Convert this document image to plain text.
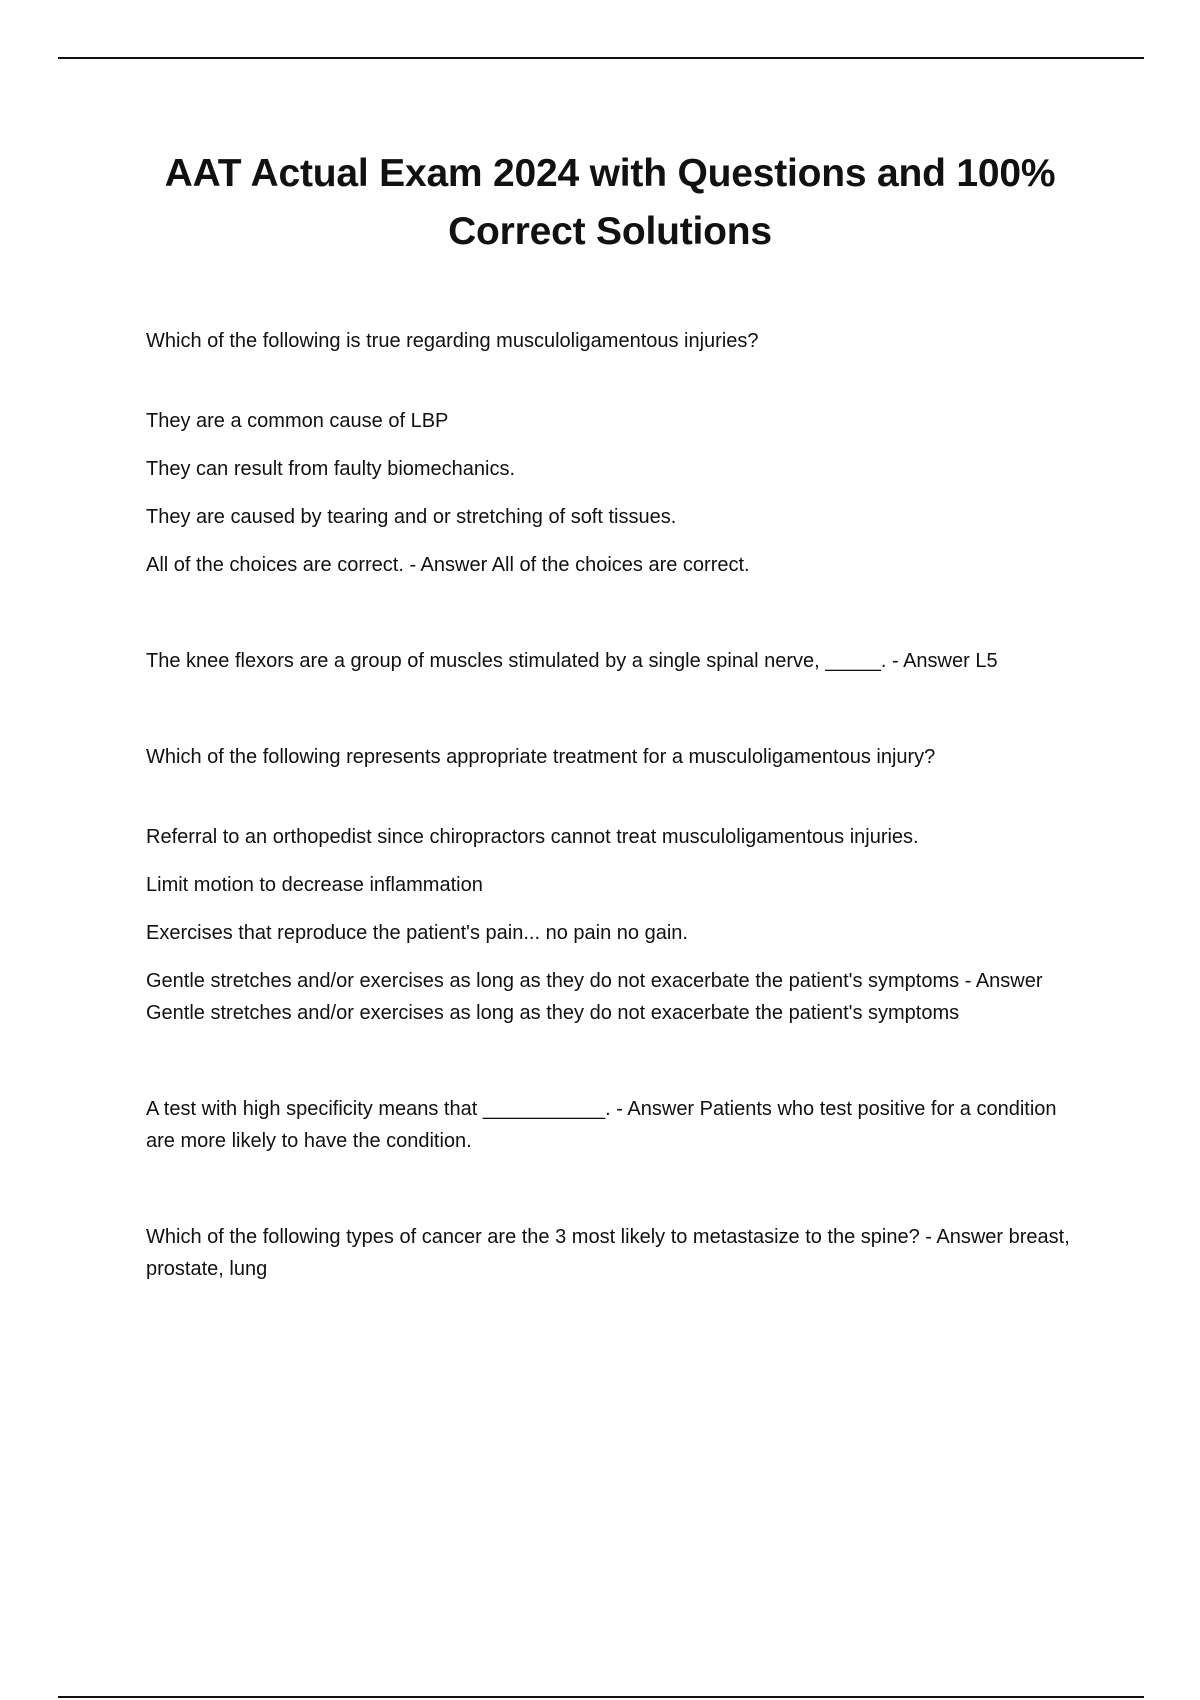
AAT Actual Exam 2024 with Questions and 100% Correct Solutions

Which of the following is true regarding musculoligamentous injuries?

They are a common cause of LBP

They can result from faulty biomechanics.

They are caused by tearing and or stretching of soft tissues.

All of the choices are correct. - Answer All of the choices are correct.

The knee flexors are a group of muscles stimulated by a single spinal nerve, _____. - Answer L5

Which of the following represents appropriate treatment for a musculoligamentous injury?

Referral to an orthopedist since chiropractors cannot treat musculoligamentous injuries.

Limit motion to decrease inflammation

Exercises that reproduce the patient's pain... no pain no gain.

Gentle stretches and/or exercises as long as they do not exacerbate the patient's symptoms - Answer Gentle stretches and/or exercises as long as they do not exacerbate the patient's symptoms

A test with high specificity means that ___________. - Answer Patients who test positive for a condition are more likely to have the condition.

Which of the following types of cancer are the 3 most likely to metastasize to the spine? - Answer breast, prostate, lung
